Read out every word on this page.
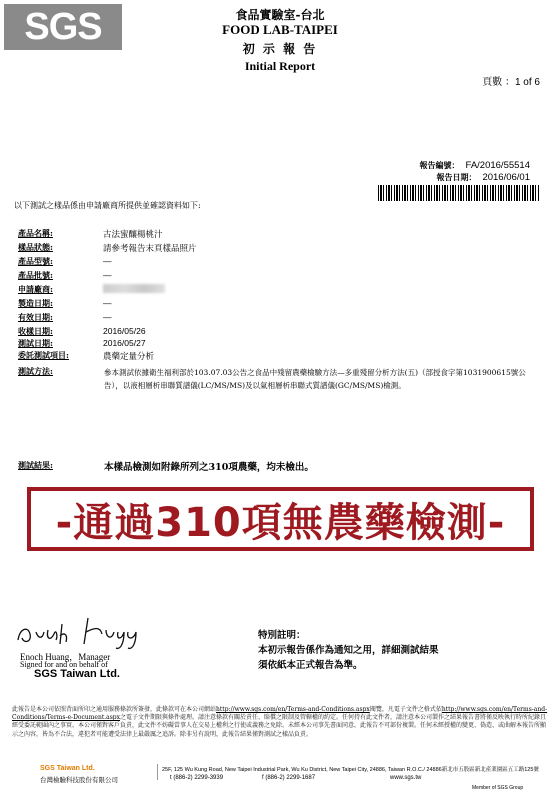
SGS	食品實驗室-台北
FOOD LAB-TAIPEI
初 示 報 告
Initial Report
頁數 ：1 of 6
報告編號： FA/2016/55514
報告日期： 2016/06/01
以下測試之樣品係由申請廠商所提供並確認資料如下:
產品名稱:	古法蜜釀楊桃汁
樣品狀態:	請參考報告末頁樣品照片
產品型號:	—
產品批號:	—
申請廠商:
製造日期:	—
有效日期:	—
收樣日期:	2016/05/26
測試日期:	2016/05/27
委託測試項目:	農藥定量分析
測試方法:	參本測試依據衛生福利部於103.07.03公告之食品中殘留農藥檢驗方法—多重殘留分析方法(五)（部授食字第1031900615號公告），以液相層析串聯質譜儀(LC/MS/MS)及以氣相層析串聯式質譜儀(GC/MS/MS)檢測。
測試結果:	本樣品檢測如附錄所列之310項農藥，均未檢出。
-通過310項無農藥檢測-
Enoch Huang，Manager
Signed for and on behalf of
SGS Taiwan Ltd.
特別註明：
本初示報告係作為通知之用，詳細測試結果
須依紙本正式報告為準。
此報告是本公司依照背面所印之通用服務條款所簽發，此條款可在本公司網站http://www.sgs.com/en/Terms-and-Conditions.aspx閱覽，凡電子文件之格式依http://www.sgs.com/en/Terms-and-Conditions/Terms-e-Document.aspx之電子文件期限與條件處理。請注意條款有關於責任、賠償之限制及管轄權的約定。任何持有此文件者，請注意本公司製作之結果報告書將僅反映執行時所紀錄且經受委託範圍內之事實。本公司僅對客戶負責，此文件不妨礙當事人在交易上權利之行使或義務之免除。未經本公司事先書面同意，此報告不可部份複製。任何未經授權的變更、偽造、或曲解本報告所顯示之內容，皆為不合法，違犯者可能遭受法律上最嚴厲之追訴。除非另有說明，此報告結果僅對測試之樣品負責。
SGS Taiwan Ltd.
台灣檢驗科技股份有限公司
25F, 125 Wu Kung Road, New Taipei Industrial Park, Wu Ku District, New Taipei City, 24886, Taiwan R.O.C./ 24886新北市五股區新北產業園區五工路125號
t (886-2) 2299-3939	f (886-2) 2299-1687	www.sgs.tw
Member of SGS Group
